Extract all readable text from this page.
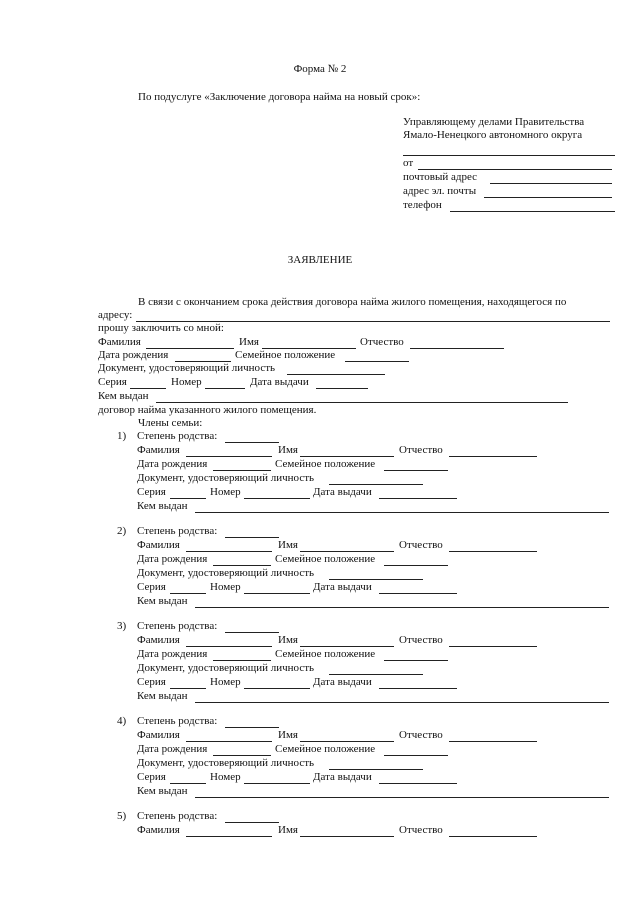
Форма № 2
По подуслуге «Заключение договора найма на новый срок»:
Управляющему делами Правительства
Ямало-Ненецкого автономного округа
от
почтовый адрес
адрес эл. почты
телефон
ЗАЯВЛЕНИЕ
В связи с окончанием срока действия договора найма жилого помещения, находящегося по
адресу:
прошу заключить со мной:
Фамилия	Имя	Отчество
Дата рождения	Семейное положение
Документ, удостоверяющий личность
Серия	Номер	Дата выдачи
Кем выдан
договор найма указанного жилого помещения.
Члены семьи:
1) Степень родства:
Фамилия	Имя	Отчество
Дата рождения	Семейное положение
Документ, удостоверяющий личность
Серия	Номер	Дата выдачи
Кем выдан
2) Степень родства:
Фамилия	Имя	Отчество
Дата рождения	Семейное положение
Документ, удостоверяющий личность
Серия	Номер	Дата выдачи
Кем выдан
3) Степень родства:
Фамилия	Имя	Отчество
Дата рождения	Семейное положение
Документ, удостоверяющий личность
Серия	Номер	Дата выдачи
Кем выдан
4) Степень родства:
Фамилия	Имя	Отчество
Дата рождения	Семейное положение
Документ, удостоверяющий личность
Серия	Номер	Дата выдачи
Кем выдан
5) Степень родства:
Фамилия	Имя	Отчество
